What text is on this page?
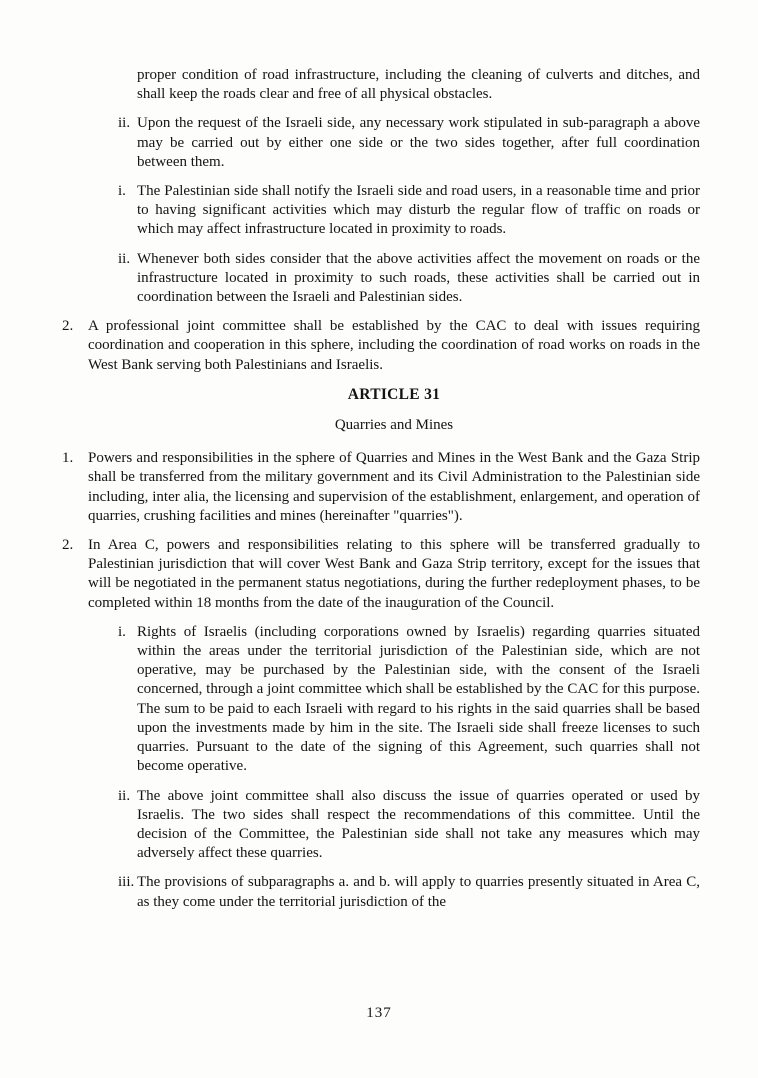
proper condition of road infrastructure, including the cleaning of culverts and ditches, and shall keep the roads clear and free of all physical obstacles.
ii. Upon the request of the Israeli side, any necessary work stipulated in sub-paragraph a above may be carried out by either one side or the two sides together, after full coordination between them.
i. The Palestinian side shall notify the Israeli side and road users, in a reasonable time and prior to having significant activities which may disturb the regular flow of traffic on roads or which may affect infrastructure located in proximity to roads.
ii. Whenever both sides consider that the above activities affect the movement on roads or the infrastructure located in proximity to such roads, these activities shall be carried out in coordination between the Israeli and Palestinian sides.
2. A professional joint committee shall be established by the CAC to deal with issues requiring coordination and cooperation in this sphere, including the coordination of road works on roads in the West Bank serving both Palestinians and Israelis.
ARTICLE 31
Quarries and Mines
1. Powers and responsibilities in the sphere of Quarries and Mines in the West Bank and the Gaza Strip shall be transferred from the military government and its Civil Administration to the Palestinian side including, inter alia, the licensing and supervision of the establishment, enlargement, and operation of quarries, crushing facilities and mines (hereinafter "quarries").
2. In Area C, powers and responsibilities relating to this sphere will be transferred gradually to Palestinian jurisdiction that will cover West Bank and Gaza Strip territory, except for the issues that will be negotiated in the permanent status negotiations, during the further redeployment phases, to be completed within 18 months from the date of the inauguration of the Council.
i. Rights of Israelis (including corporations owned by Israelis) regarding quarries situated within the areas under the territorial jurisdiction of the Palestinian side, which are not operative, may be purchased by the Palestinian side, with the consent of the Israeli concerned, through a joint committee which shall be established by the CAC for this purpose. The sum to be paid to each Israeli with regard to his rights in the said quarries shall be based upon the investments made by him in the site. The Israeli side shall freeze licenses to such quarries. Pursuant to the date of the signing of this Agreement, such quarries shall not become operative.
ii. The above joint committee shall also discuss the issue of quarries operated or used by Israelis. The two sides shall respect the recommendations of this committee. Until the decision of the Committee, the Palestinian side shall not take any measures which may adversely affect these quarries.
iii. The provisions of subparagraphs a. and b. will apply to quarries presently situated in Area C, as they come under the territorial jurisdiction of the
137
